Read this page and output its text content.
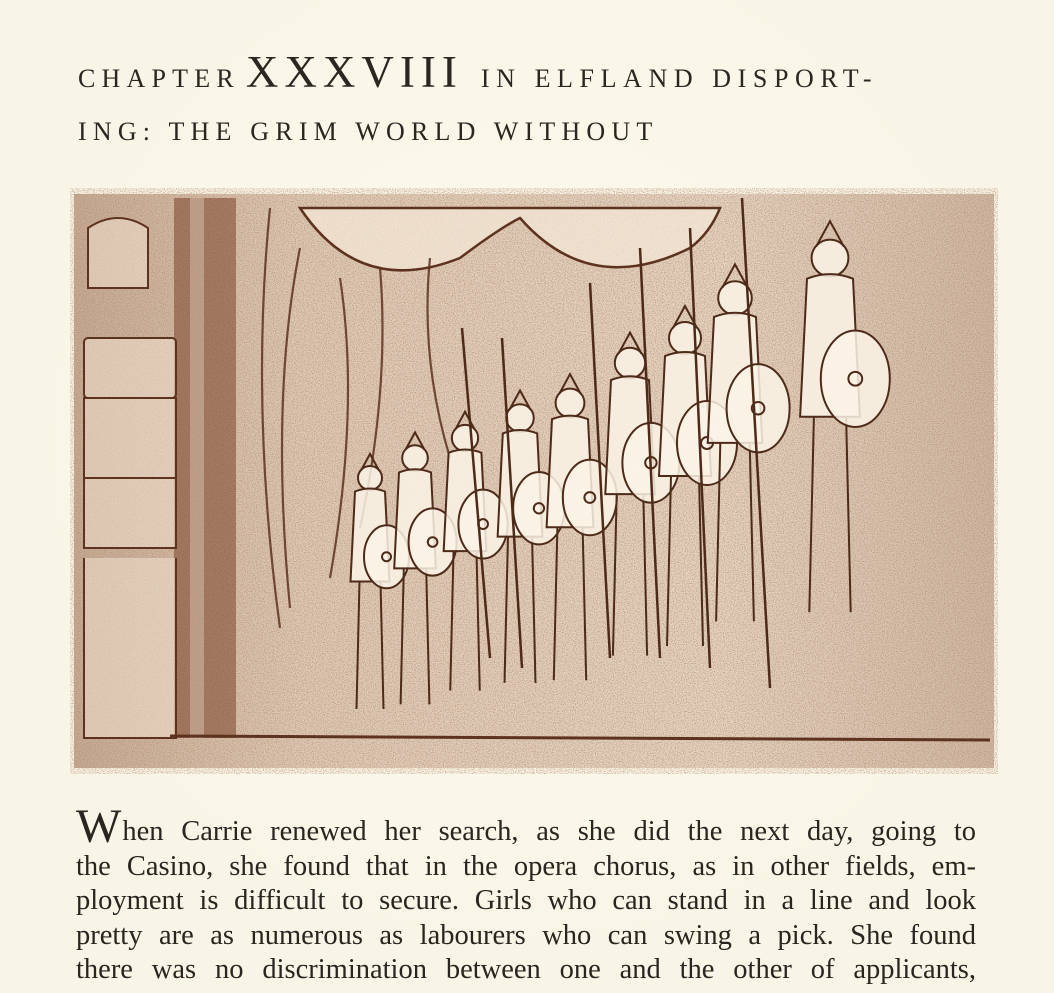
CHAPTER XXXVIII IN ELFLAND DISPORT-
ING: THE GRIM WORLD WITHOUT
When Carrie renewed her search, as she did the next day, going to
the Casino, she found that in the opera chorus, as in other fields, em-
ployment is difficult to secure. Girls who can stand in a line and look
pretty are as numerous as labourers who can swing a pick. She found
there was no discrimination between one and the other of applicants,
